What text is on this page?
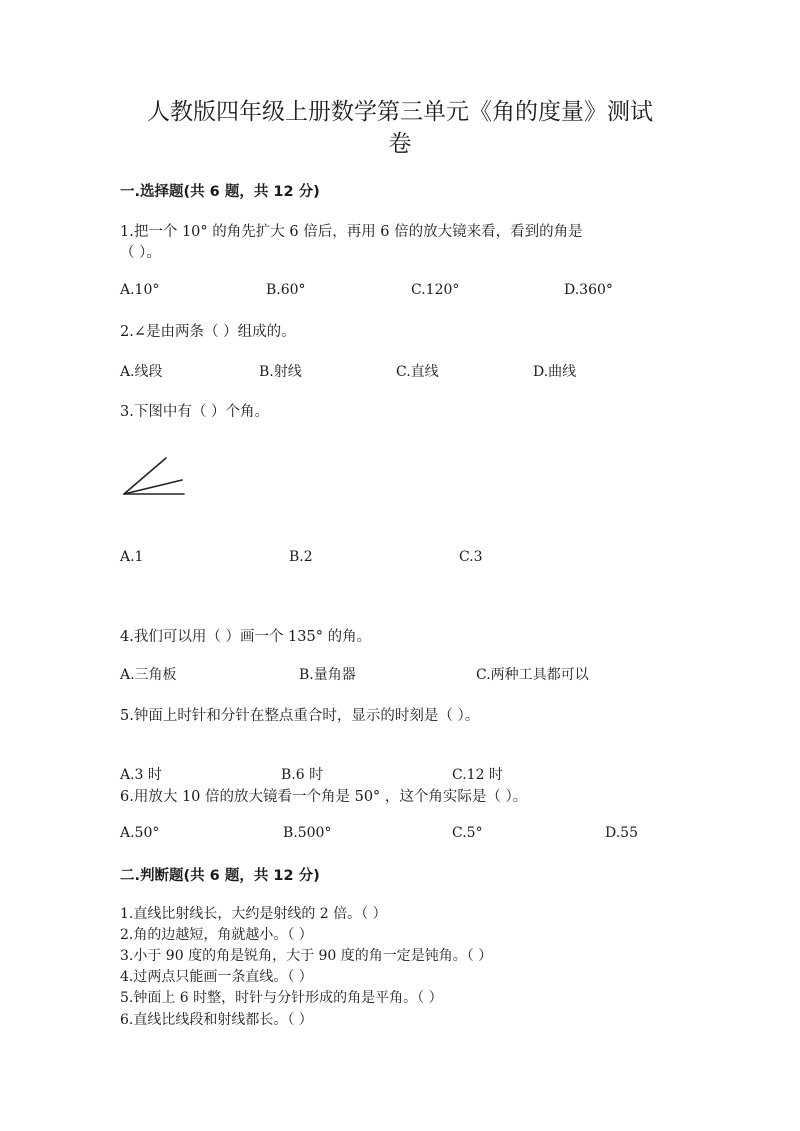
人教版四年级上册数学第三单元《角的度量》测试
卷
一.选择题(共 6 题，共 12 分)
1.把一个 10° 的角先扩大 6 倍后，再用 6 倍的放大镜来看，看到的角是
（ ）。
A.10°	B.60°	C.120°	D.360°
2.∠是由两条（ ）组成的。
A.线段	B.射线	C.直线	D.曲线
3.下图中有（ ）个角。
A.1	B.2	C.3
4.我们可以用（ ）画一个 135° 的角。
A.三角板	B.量角器	C.两种工具都可以
5.钟面上时针和分针在整点重合时，显示的时刻是（ ）。
A.3 时	B.6 时	C.12 时
6.用放大 10 倍的放大镜看一个角是 50° ，这个角实际是（ ）。
A.50°	B.500°	C.5°	D.55
二.判断题(共 6 题，共 12 分)
1.直线比射线长，大约是射线的 2 倍。（ ）
2.角的边越短，角就越小。（ ）
3.小于 90 度的角是锐角，大于 90 度的角一定是钝角。（ ）
4.过两点只能画一条直线。（ ）
5.钟面上 6 时整，时针与分针形成的角是平角。（ ）
6.直线比线段和射线都长。（ ）
